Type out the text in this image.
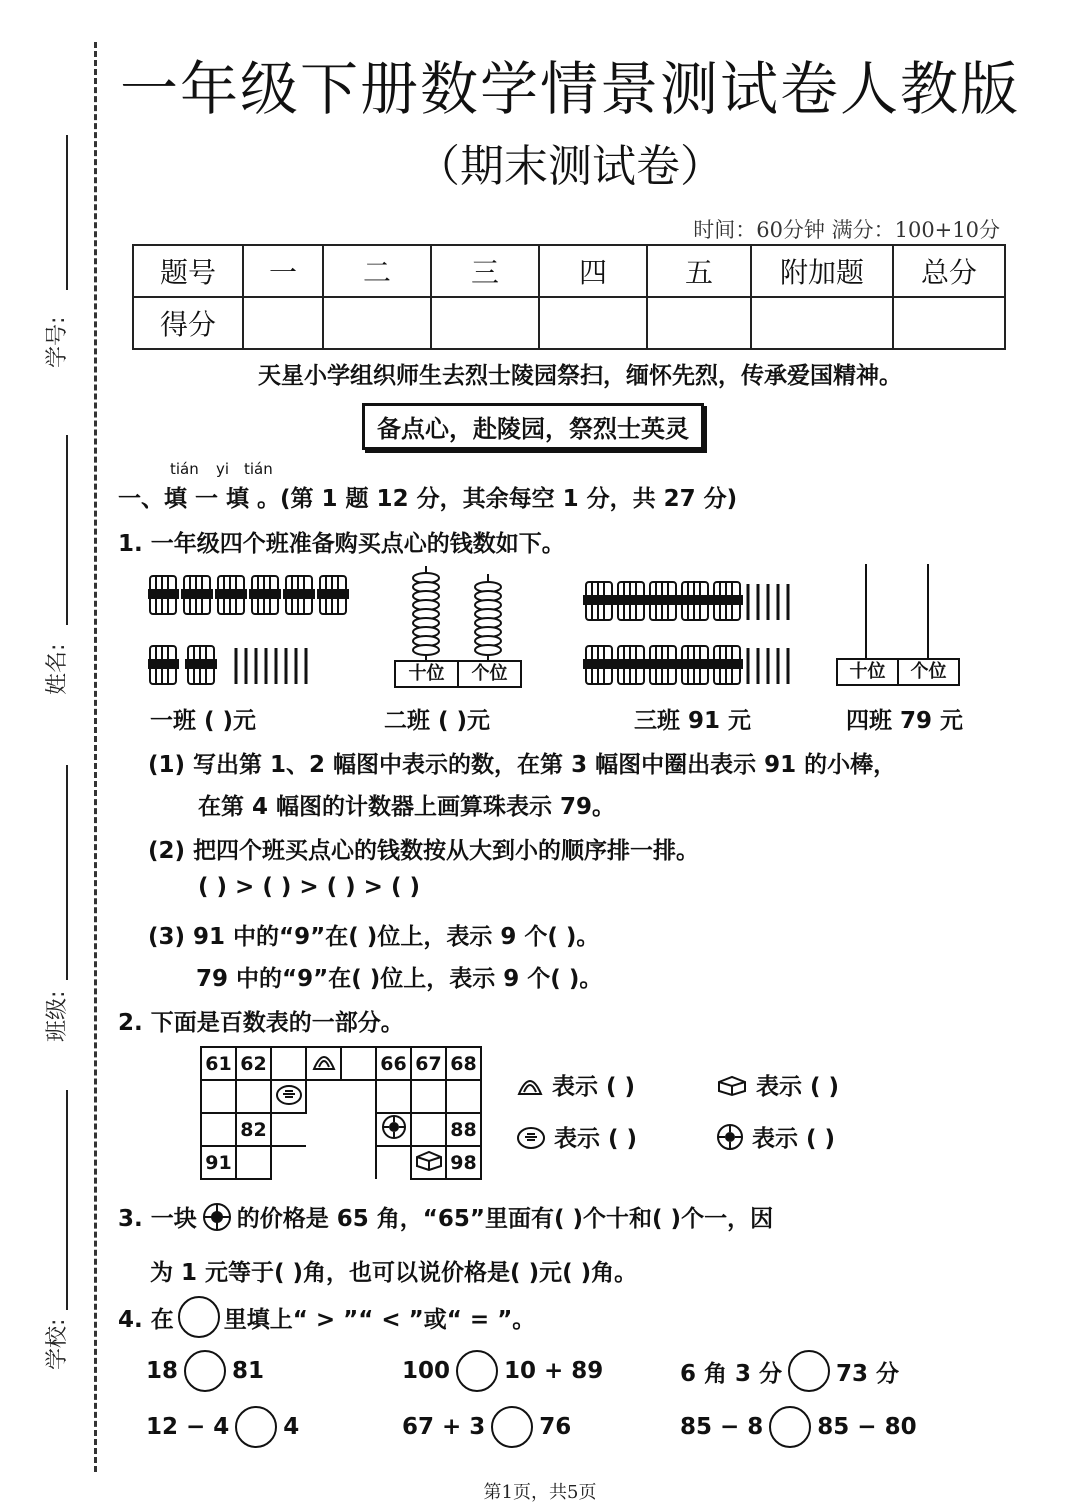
学号:
姓名:
班级:
学校:
一年级下册数学情景测试卷人教版
（期末测试卷）
时间：60分钟 满分：100+10分
题号	一	二	三	四	五	附加题	总分
得分							
天星小学组织师生去烈士陵园祭扫，缅怀先烈，传承爱国精神。
备点心，赴陵园，祭烈士英灵
tián yi tián
一、填 一 填 。(第 1 题 12 分，其余每空 1 分，共 27 分)
1. 一年级四个班准备购买点心的钱数如下。
十位	个位	十位	个位
一班 ( )元	二班 ( )元	三班 91 元	四班 79 元
(1) 写出第 1、2 幅图中表示的数，在第 3 幅图中圈出表示 91 的小棒，
在第 4 幅图的计数器上画算珠表示 79。
(2) 把四个班买点心的钱数按从大到小的顺序排一排。
( ) > ( ) > ( ) > ( )
(3) 91 中的“9”在( )位上，表示 9 个( )。
79 中的“9”在( )位上，表示 9 个( )。
2. 下面是百数表的一部分。
61	62				66	67	68

	82						88
91							98
表示 ( )	表示 ( )
表示 ( )	表示 ( )
3. 一块 的价格是 65 角，“65”里面有( )个十和( )个一，因
为 1 元等于( )角，也可以说价格是( )元( )角。
4. 在 里填上“ > ”“ < ”或“ = ”。
18 81	100 10 + 89	6 角 3 分 73 分
12 − 4 4	67 + 3 76	85 − 8 85 − 80
第1页，共5页
